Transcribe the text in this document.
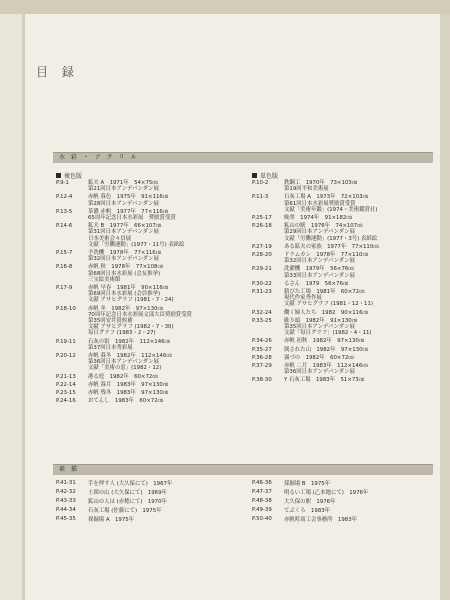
目 録
水 彩 ・ ア ク リ ル
複色版
P.9-1	鉱夫 A　1971年　54×75㎝
第21回日本アンデパンダン展
P.12-4	赤帆 暮色　1975年　91×116㎝
第28回日本アンデパンダン展
P.13-5	茶濃 赤帆　1977年　77×116㎝
65周年記念日本水彩展　奨励賞受賞
P.14-6	鉱夫 B　1977年　66×107㎝
第31回日本アンデパンダン展
日本美術会々員展
文献「労働運動」(1977・11号) 表紙絵
P.15-7	予洗機　1978年　77×116㎝
第32回日本アンデパンダン展
P.16-8	赤帆 秋　1978年　77×108㎝
第68回日本水彩展 (会友推挙)
三宝絵美術館
P.17-9	赤帆 早春　1981年　90×116㎝
第69回日本水彩展 (会員推挙)
文献 アサヒグラフ (1981・7・24)
P.18-10	赤帆 冬　1982年　97×130㎝
70周年記念日本水彩展文部大臣奨励賞受賞
第35回安井賞候補
文献 アサヒグラフ (1982・7・30)
毎日グラフ (1983・2・27)
P.19-11	石灰の街　1982年　112×146㎝
第37回日本秀彩展
P.20-12	赤帆 暮冬　1982年　112×146㎝
第36回日本アンデパンダン展
文献「美術の窓」(1982・12)
P.21-13	港る庭　1982年　60×72㎝
P.22-14	赤帆 暮月　1983年　97×130㎝
P.23-15	赤帆 残冬　1983年　97×130㎝
P.24-16	おてんし　1983年　60×72㎝
単色版
P.10-2	鉄鋼工　1970年　73×103㎝
第19回平和美術展
P.11-3	石灰工場 A　1973年　72×103㎝
第61回日本水彩展奨励賞受賞
文献「美術年鑑」(1974・美術鑑賞社)
P.25-17	晩翠　1974年　91×182㎝
P.26-18	鉱山の駅　1976年　74×107㎝
第29回日本アンデパンダン展
文献「労働運動」(1977・3号) 表紙絵
P.27-19	ある鉱夫の家族　1977年　77×110㎝
P.28-20	ドラムカン　1978年　77×110㎝
第32回日本アンデパンダン展
P.29-21	洗濯機　1979年　56×76㎝
第33回日本アンデパンダン展
P.30-22	るさん　1979　56×76㎝
P.31-23	錆びた工場　1981年　60×72㎝
現代作家秀作展
文献 アサヒグラフ (1981・12・11)
P.32-24	働く婦人たち　1982　90×116㎝
P.33-25	碓り頭　1982年　91×130㎝
第35回日本アンデパンダン展
文献「毎日グラフ」(1982・4・11)
P.34-26	赤帆 初秋　1982年　97×130㎝
P.35-27	倒された山　1982年　97×130㎝
P.36-28	霧づの　1982年　60×72㎝
P.37-29	赤帆 二月　1983年　112×146㎝
第36回日本アンデパンダン展
P.38-30	Y 石灰工場　1983年　51×73㎝
素 描
P.41-31	手を押す人 (大久保にて)　1967年
P.42-32	土囲の山 (大久保にて)　1969年
P.43-33	鉱山の人は (赤穂にて)　1970年
P.44-34	石灰工場 (佐藤にて)　1975年
P.45-35	探掘場 A　1975年
P.46-36	採掘場 B　1975年
P.47-37	明るい工場 (乙本地にて)　1976年
P.48-38	大久保の駅　1976年
P.49-39	てぶくろ　1983年
P.50-40	赤帆町商工会事務所　1983年
